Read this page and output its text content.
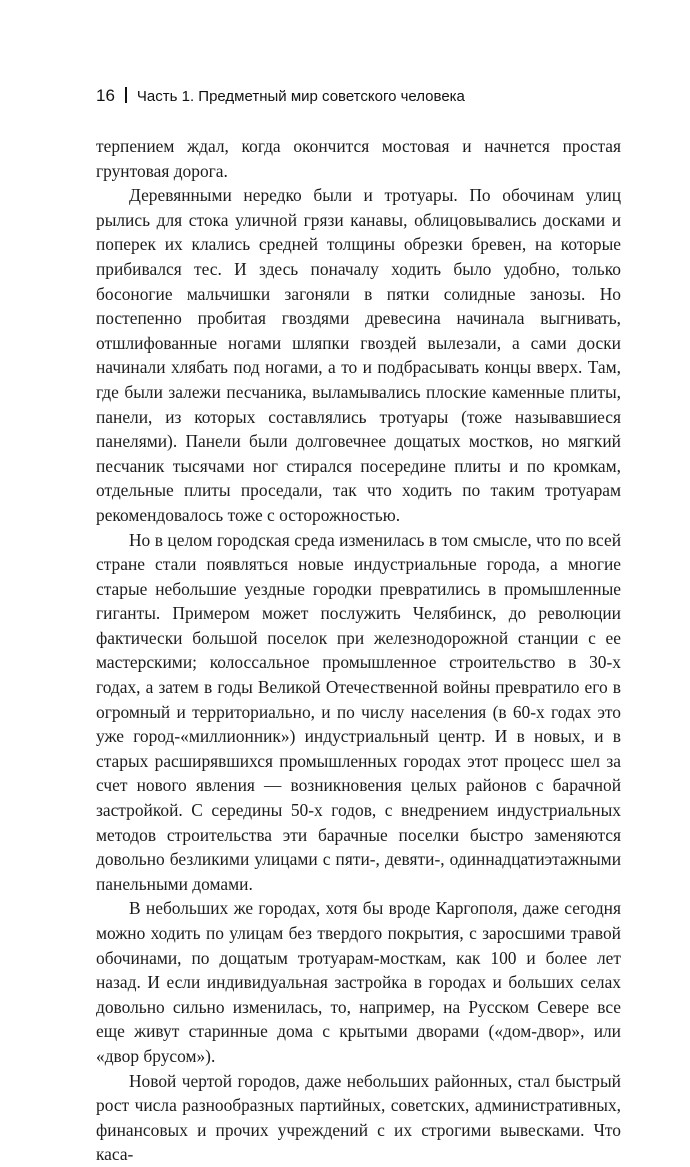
16 Часть 1. Предметный мир советского человека

терпением ждал, когда окончится мостовая и начнется простая грунтовая дорога.

Деревянными нередко были и тротуары. По обочинам улиц рылись для стока уличной грязи канавы, облицовывались досками и поперек их клались средней толщины обрезки бревен, на которые прибивался тес. И здесь поначалу ходить было удобно, только босоногие мальчишки загоняли в пятки солидные занозы. Но постепенно пробитая гвоздями древесина начинала выгнивать, отшлифованные ногами шляпки гвоздей вылезали, а сами доски начинали хлябать под ногами, а то и подбрасывать концы вверх. Там, где были залежи песчаника, выламывались плоские каменные плиты, панели, из которых составлялись тротуары (тоже называвшиеся панелями). Панели были долговечнее дощатых мостков, но мягкий песчаник тысячами ног стирался посередине плиты и по кромкам, отдельные плиты проседали, так что ходить по таким тротуарам рекомендовалось тоже с осторожностью.

Но в целом городская среда изменилась в том смысле, что по всей стране стали появляться новые индустриальные города, а многие старые небольшие уездные городки превратились в промышленные гиганты. Примером может послужить Челябинск, до революции фактически большой поселок при железнодорожной станции с ее мастерскими; колоссальное промышленное строительство в 30-х годах, а затем в годы Великой Отечественной войны превратило его в огромный и территориально, и по числу населения (в 60-х годах это уже город-«миллионник») индустриальный центр. И в новых, и в старых расширявшихся промышленных городах этот процесс шел за счет нового явления — возникновения целых районов с барачной застройкой. С середины 50-х годов, с внедрением индустриальных методов строительства эти барачные поселки быстро заменяются довольно безликими улицами с пяти-, девяти-, одиннадцатиэтажными панельными домами.

В небольших же городах, хотя бы вроде Каргополя, даже сегодня можно ходить по улицам без твердого покрытия, с заросшими травой обочинами, по дощатым тротуарам-мосткам, как 100 и более лет назад. И если индивидуальная застройка в городах и больших селах довольно сильно изменилась, то, например, на Русском Севере все еще живут старинные дома с крытыми дворами («дом-двор», или «двор брусом»).

Новой чертой городов, даже небольших районных, стал быстрый рост числа разнообразных партийных, советских, административных, финансовых и прочих учреждений с их строгими вывесками. Что каса-
